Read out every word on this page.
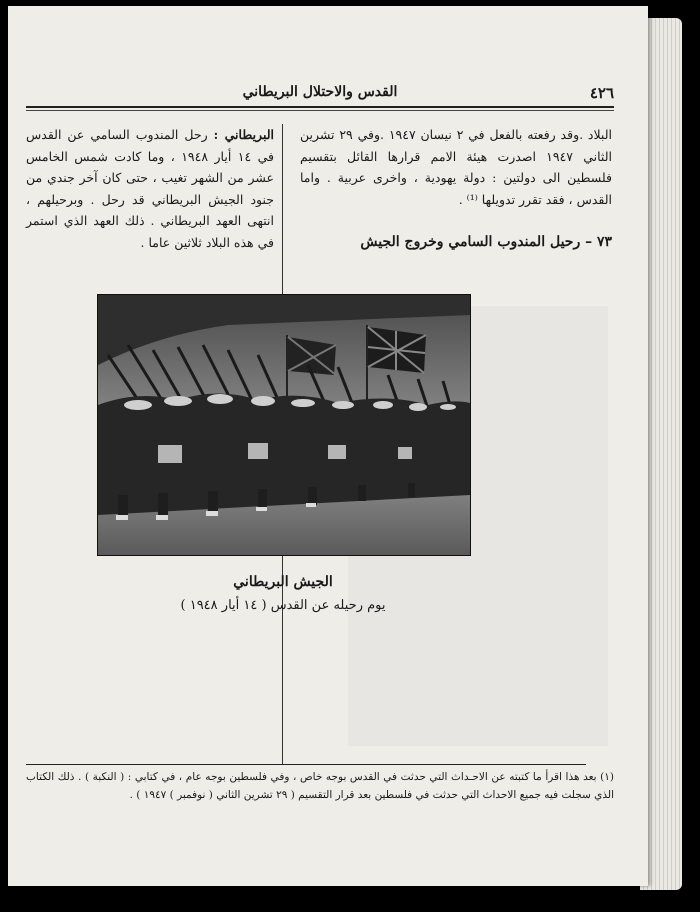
٤٢٦
القدس والاحتلال البريطاني
البلاد .وقد رفعته بالفعل في ٢ نيسان ١٩٤٧ .وفي ٢٩ تشرين الثاني ١٩٤٧ اصدرت هيئة الامم قرارها القائل بتقسيم فلسطين الى دولتين : دولة يهودية ، واخرى عربية . واما القدس ، فقد تقرر تدويلها ⁽¹⁾ .
٧٣ – رحيل المندوب السامي وخروج الجيش
البريطاني : رحل المندوب السامي عن القدس في ١٤ أيار ١٩٤٨ ، وما كادت شمس الخامس عشر من الشهر تغيب ، حتى كان آخر جندي من جنود الجيش البريطاني قد رحل . وبرحيلهم ، انتهى العهد البريطاني . ذلك العهد الذي استمر في هذه البلاد ثلاثين عاما .
الجيش البريطاني
يوم رحيله عن القدس ( ١٤ أيار ١٩٤٨ )
(١) بعد هذا اقرأ ما كتبته عن الاحـداث التي حدثت في القدس بوجه خاص ، وفي فلسطين بوجه عام ، في كتابي : ( النكبة ) . ذلك الكتاب الذي سجلت فيه جميع الاحداث التي حدثت في فلسطين بعد قرار التقسيم ( ٢٩ تشرين الثاني ( نوفمبر ) ١٩٤٧ ) .
